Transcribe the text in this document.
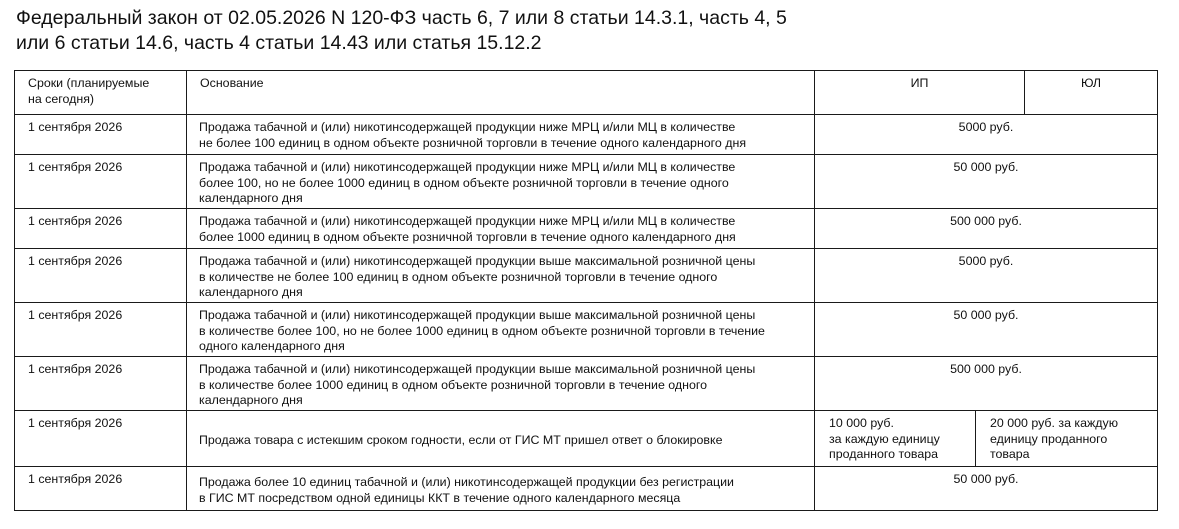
Федеральный закон от 02.05.2026 N 120-ФЗ часть 6, 7 или 8 статьи 14.3.1, часть 4, 5
или 6 статьи 14.6, часть 4 статьи 14.43 или статья 15.12.2
Сроки (планируемые
на сегодня)	Основание	ИП		ЮЛ
1 сентября 2026	Продажа табачной и (или) никотинсодержащей продукции ниже МРЦ и/или МЦ в количестве
не более 100 единиц в одном объекте розничной торговли в течение одного календарного дня	5000 руб.		
1 сентября 2026	Продажа табачной и (или) никотинсодержащей продукции ниже МРЦ и/или МЦ в количестве
более 100, но не более 1000 единиц в одном объекте розничной торговли в течение одного
календарного дня	50 000 руб.		
1 сентября 2026	Продажа табачной и (или) никотинсодержащей продукции ниже МРЦ и/или МЦ в количестве
более 1000 единиц в одном объекте розничной торговли в течение одного календарного дня	500 000 руб.		
1 сентября 2026	Продажа табачной и (или) никотинсодержащей продукции выше максимальной розничной цены
в количестве не более 100 единиц в одном объекте розничной торговли в течение одного
календарного дня	5000 руб.		
1 сентября 2026	Продажа табачной и (или) никотинсодержащей продукции выше максимальной розничной цены
в количестве более 100, но не более 1000 единиц в одном объекте розничной торговли в течение
одного календарного дня	50 000 руб.		
1 сентября 2026	Продажа табачной и (или) никотинсодержащей продукции выше максимальной розничной цены
в количестве более 1000 единиц в одном объекте розничной торговли в течение одного
календарного дня	500 000 руб.		
1 сентября 2026	Продажа товара с истекшим сроком годности, если от ГИС МТ пришел ответ о блокировке	10 000 руб.
за каждую единицу
проданного товара	20 000 руб. за каждую
единицу проданного
товара	

1 сентября 2026	Продажа более 10 единиц табачной и (или) никотинсодержащей продукции без регистрации
в ГИС МТ посредством одной единицы ККТ в течение одного календарного месяца	50 000 руб.		
